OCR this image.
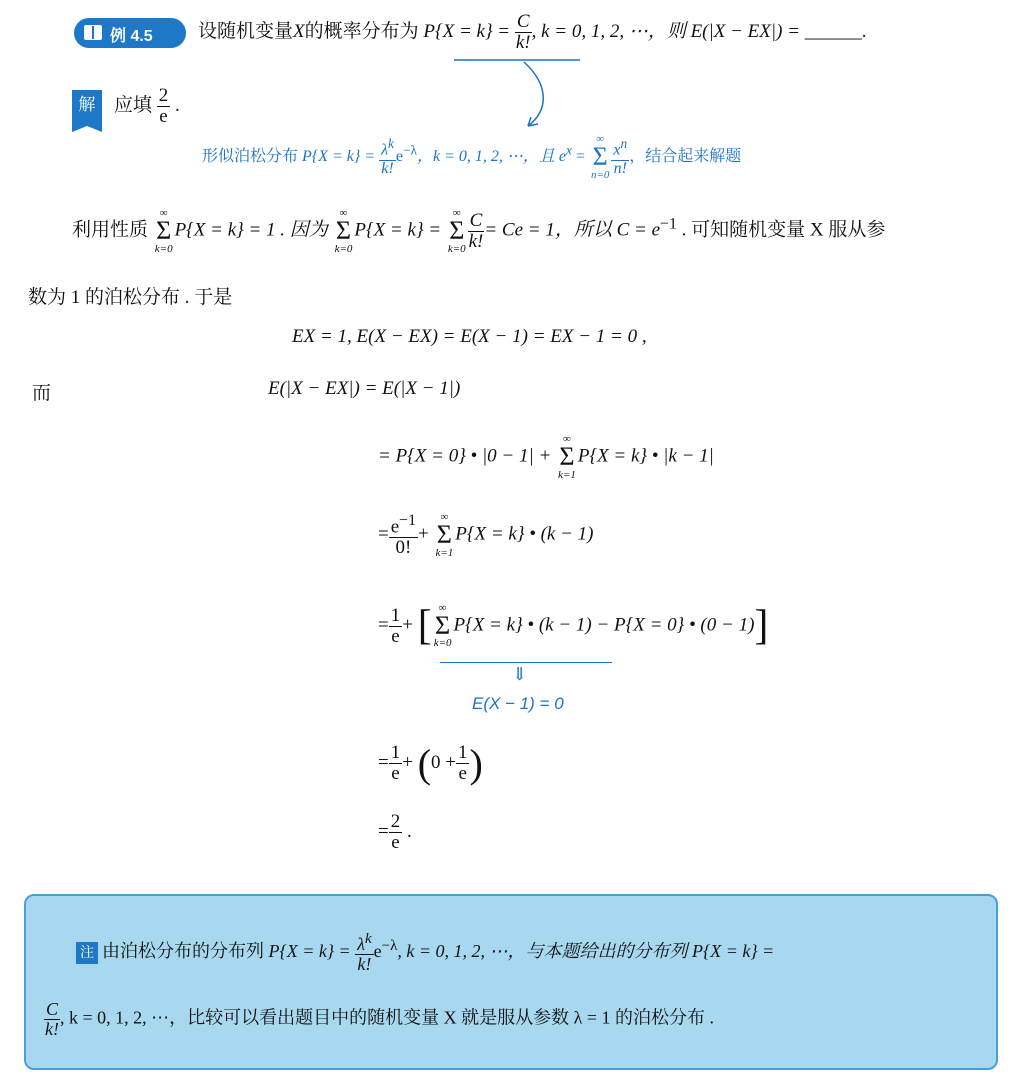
例 4.5 设随机变量X的概率分布为 $P\{X = k\} = \frac{C}{k!}$ , k = 0, 1, 2, ⋯，则 E(|X − EX|) = ______.
解 应填 $\frac{2}{e}$ .
形似泊松分布 $P\{X = k\} = \frac{\lambda^k}{k!} e^{-\lambda}$，k = 0, 1, 2, ⋯，且 $e^x$ =
∞
Σ
$n=0 \frac{x^n}{n!}$ ，结合起来解题
利用性质
∞
Σ
k=0
P{X = k} = 1 . 因为
∞
Σ
k=0
P{X = k} =
∞
Σ
$k=0 \frac{C}{k!} = Ce = 1$，所以 $C = e^{-1}$ . 可知随机变量 X 服从参
数为 1 的泊松分布 . 于是
EX = 1, E(X − EX) = E(X − 1) = EX − 1 = 0 ,
而	E(|X − EX|) = E(|X − 1|)
= P{X = 0} • |0 − 1| +
∞
Σ
k=1
P{X = k} • |k − 1|
= $\frac{e^{-1}}{0!}$ +
∞
Σ
k=1
P{X = k} • (k − 1)
= $\frac{1}{e}$ + [ ∞
Σ
k=0
P{X = k} • (k − 1) − P{X = 0} • (0 − 1)]
⇓
E(X − 1) = 0
= $\frac{1}{e} + (0 + \frac{1}{e}$ )
= $\frac{2}{e}$ .
注 由泊松分布的分布列 $P\{X = k\} = \frac{\lambda^k}{k!} e^{-\lambda}$, k = 0, 1, 2, ⋯，与本题给出的分布列 P{X = k} =
$\frac{C}{k!}$ , k = 0, 1, 2, ⋯，比较可以看出题目中的随机变量 X 就是服从参数 λ = 1 的泊松分布 .
